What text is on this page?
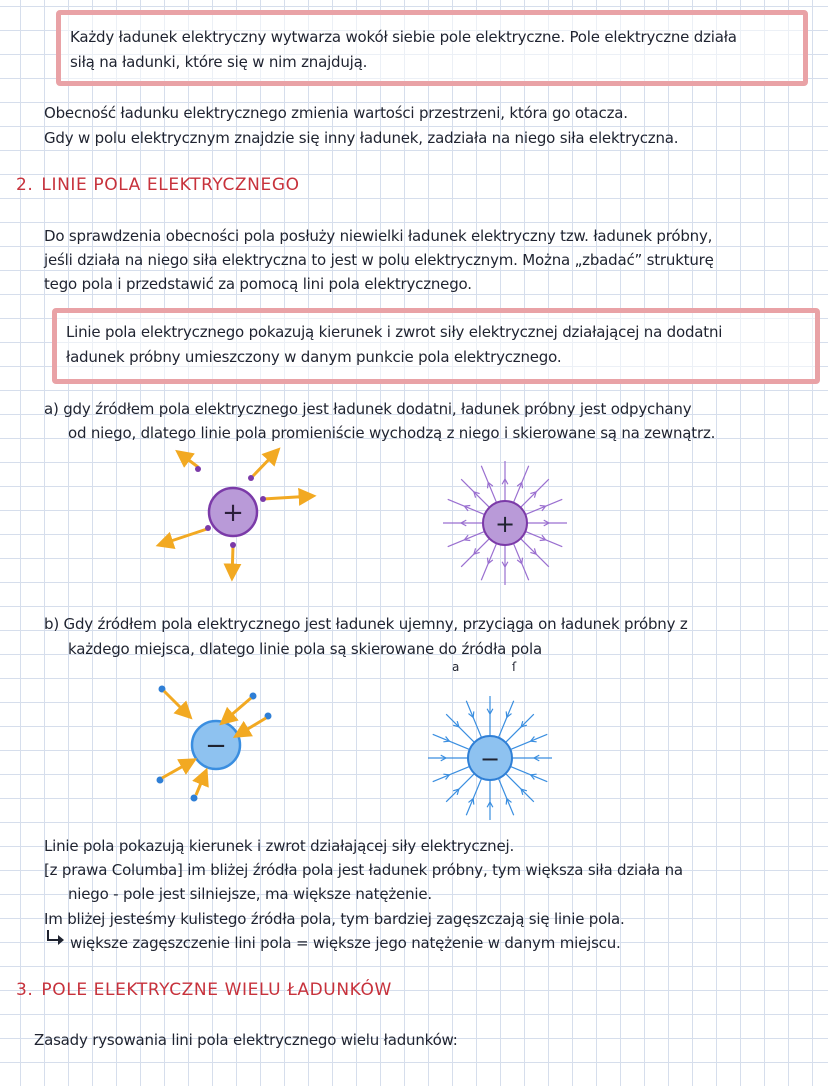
Każdy ładunek elektryczny wytwarza wokół siebie pole elektryczne. Pole elektryczne działa
siłą na ładunki, które się w nim znajdują.
Obecność ładunku elektrycznego zmienia wartości przestrzeni, która go otacza.
Gdy w polu elektrycznym znajdzie się inny ładunek, zadziała na niego siła elektryczna.
2. LINIE POLA ELEKTRYCZNEGO
Do sprawdzenia obecności pola posłuży niewielki ładunek elektryczny tzw. ładunek próbny,
jeśli działa na niego siła elektryczna to jest w polu elektrycznym. Można „zbadać” strukturę
tego pola i przedstawić za pomocą lini pola elektrycznego.
Linie pola elektrycznego pokazują kierunek i zwrot siły elektrycznej działającej na dodatni
ładunek próbny umieszczony w danym punkcie pola elektrycznego.
a) gdy źródłem pola elektrycznego jest ładunek dodatni, ładunek próbny jest odpychany
od niego, dlatego linie pola promieniście wychodzą z niego i skierowane są na zewnątrz.
+	+
b) Gdy źródłem pola elektrycznego jest ładunek ujemny, przyciąga on ładunek próbny z
każdego miejsca, dlatego linie pola są skierowane do źródła pola
a	ſ
−	−
Linie pola pokazują kierunek i zwrot działającej siły elektrycznej.
[z prawa Columba] im bliżej źródła pola jest ładunek próbny, tym większa siła działa na
niego - pole jest silniejsze, ma większe natężenie.
Im bliżej jesteśmy kulistego źródła pola, tym bardziej zagęszczają się linie pola.
większe zagęszczenie lini pola = większe jego natężenie w danym miejscu.
3. POLE ELEKTRYCZNE WIELU ŁADUNKÓW
Zasady rysowania lini pola elektrycznego wielu ładunków:
